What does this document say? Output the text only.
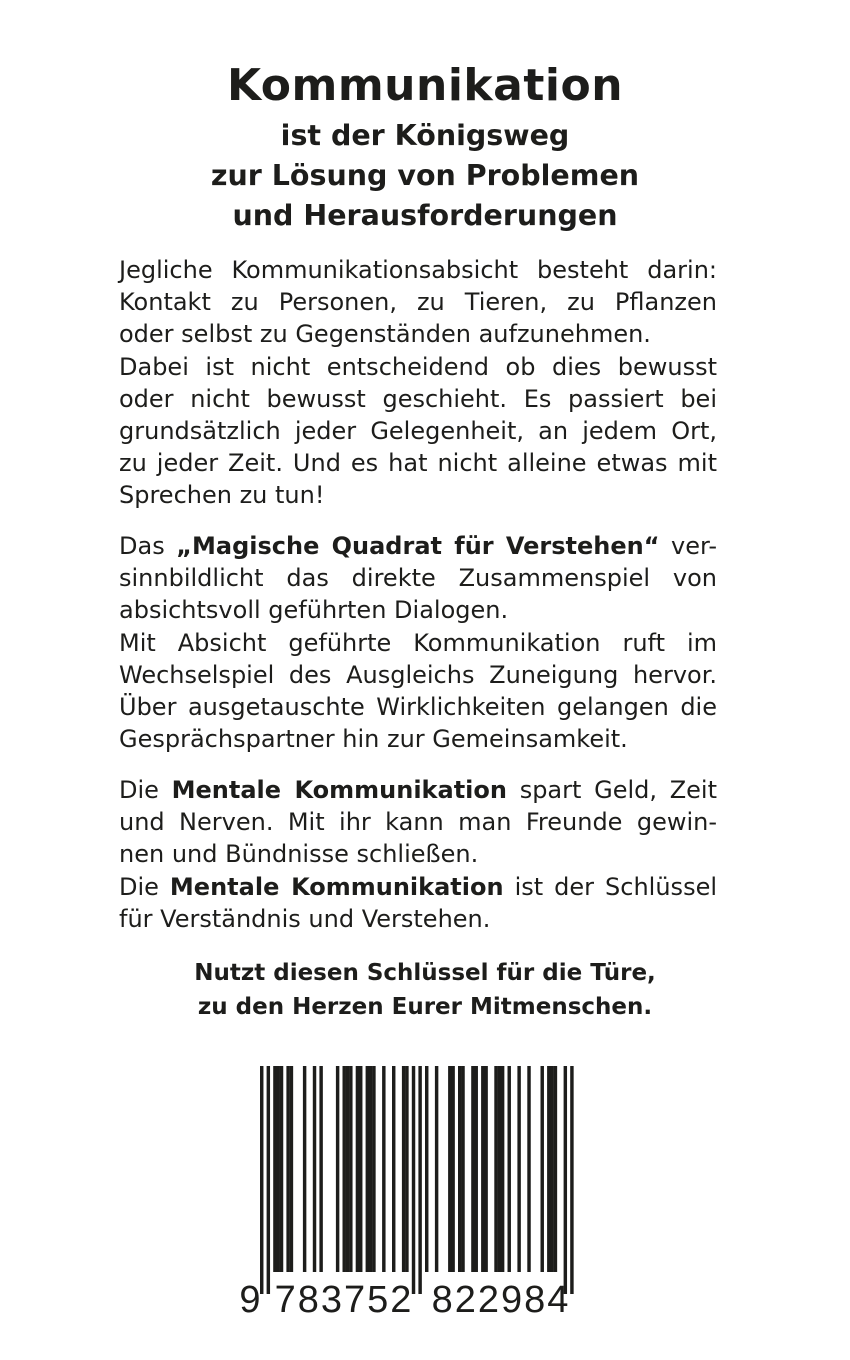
Kommunikation
ist der Königsweg
zur Lösung von Problemen
und Herausforderungen
Jegliche Kommunikationsabsicht besteht darin:
Kontakt zu Personen, zu Tieren, zu Pflanzen
oder selbst zu Gegenständen aufzunehmen.
Dabei ist nicht entscheidend ob dies bewusst
oder nicht bewusst geschieht. Es passiert bei
grundsätzlich jeder Gelegenheit, an jedem Ort,
zu jeder Zeit. Und es hat nicht alleine etwas mit
Sprechen zu tun!
Das „Magische Quadrat für Verstehen“ ver-
sinnbildlicht das direkte Zusammenspiel von
absichtsvoll geführten Dialogen.
Mit Absicht geführte Kommunikation ruft im
Wechselspiel des Ausgleichs Zuneigung hervor.
Über ausgetauschte Wirklichkeiten gelangen die
Gesprächspartner hin zur Gemeinsamkeit.
Die Mentale Kommunikation spart Geld, Zeit
und Nerven. Mit ihr kann man Freunde gewin-
nen und Bündnisse schließen.
Die Mentale Kommunikation ist der Schlüssel
für Verständnis und Verstehen.
Nutzt diesen Schlüssel für die Türe,
zu den Herzen Eurer Mitmenschen.
9 783752 822984
